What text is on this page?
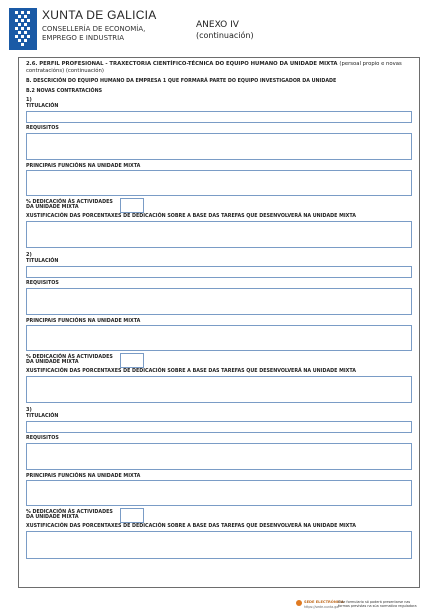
XUNTA DE GALICIA
CONSELLERÍA DE ECONOMÍA,
EMPREGO E INDUSTRIA
ANEXO IV
(continuación)
2.6. PERFIL PROFESIONAL - TRAXECTORIA CIENTÍFICO-TÉCNICA DO EQUIPO HUMANO DA UNIDADE MIXTA (persoal propio e novas contratacións) (continuación)
B. DESCRICIÓN DO EQUIPO HUMANO DA EMPRESA 1 QUE FORMARÁ PARTE DO EQUIPO INVESTIGADOR DA UNIDADE
B.2 NOVAS CONTRATACIÓNS
1)
TITULACIÓN
REQUISITOS
PRINCIPAIS FUNCIÓNS NA UNIDADE MIXTA
% DEDICACIÓN ÁS ACTIVIDADES
DA UNIDADE MIXTA
XUSTIFICACIÓN DAS PORCENTAXES DE DEDICACIÓN SOBRE A BASE DAS TAREFAS QUE DESENVOLVERÁ NA UNIDADE MIXTA
2)
TITULACIÓN
REQUISITOS
PRINCIPAIS FUNCIÓNS NA UNIDADE MIXTA
% DEDICACIÓN ÁS ACTIVIDADES
DA UNIDADE MIXTA
XUSTIFICACIÓN DAS PORCENTAXES DE DEDICACIÓN SOBRE A BASE DAS TAREFAS QUE DESENVOLVERÁ NA UNIDADE MIXTA
3)
TITULACIÓN
REQUISITOS
PRINCIPAIS FUNCIÓNS NA UNIDADE MIXTA
% DEDICACIÓN ÁS ACTIVIDADES
DA UNIDADE MIXTA
XUSTIFICACIÓN DAS PORCENTAXES DE DEDICACIÓN SOBRE A BASE DAS TAREFAS QUE DESENVOLVERÁ NA UNIDADE MIXTA
SEDE ELECTRÓNICA
https://sede.xunta.gal
Este formulario só poderá presentarse nas formas previstas na súa normativa reguladora
